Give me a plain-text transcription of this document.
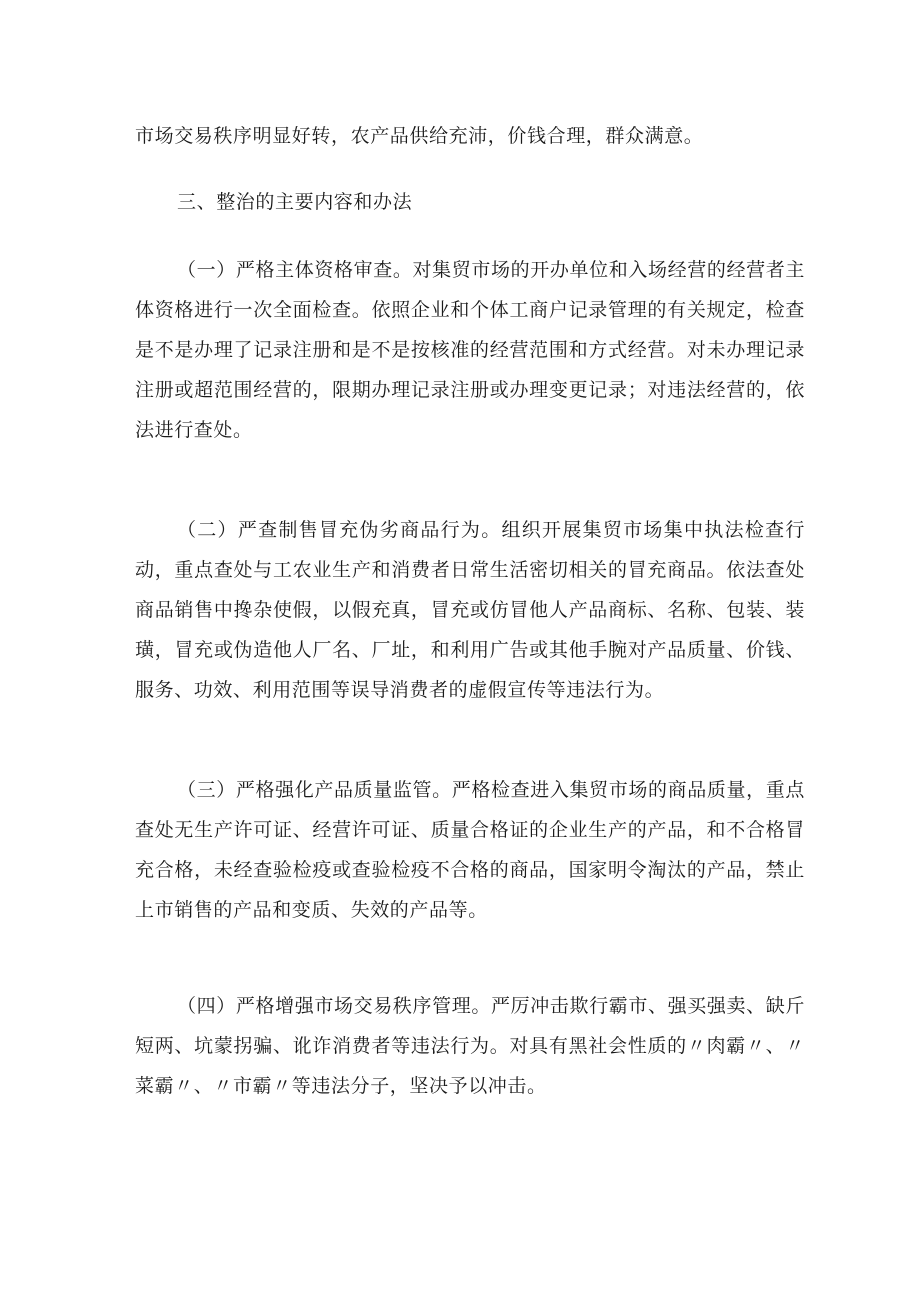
市场交易秩序明显好转，农产品供给充沛，价钱合理，群众满意。

三、整治的主要内容和办法

（一）严格主体资格审查。对集贸市场的开办单位和入场经营的经营者主体资格进行一次全面检查。依照企业和个体工商户记录管理的有关规定，检查是不是办理了记录注册和是不是按核准的经营范围和方式经营。对未办理记录注册或超范围经营的，限期办理记录注册或办理变更记录；对违法经营的，依法进行查处。

（二）严查制售冒充伪劣商品行为。组织开展集贸市场集中执法检查行动，重点查处与工农业生产和消费者日常生活密切相关的冒充商品。依法查处商品销售中搀杂使假，以假充真，冒充或仿冒他人产品商标、名称、包装、装璜，冒充或伪造他人厂名、厂址，和利用广告或其他手腕对产品质量、价钱、服务、功效、利用范围等误导消费者的虚假宣传等违法行为。

（三）严格强化产品质量监管。严格检查进入集贸市场的商品质量，重点查处无生产许可证、经营许可证、质量合格证的企业生产的产品，和不合格冒充合格，未经查验检疫或查验检疫不合格的商品，国家明令淘汰的产品，禁止上市销售的产品和变质、失效的产品等。

（四）严格增强市场交易秩序管理。严厉冲击欺行霸市、强买强卖、缺斤短两、坑蒙拐骗、讹诈消费者等违法行为。对具有黑社会性质的〃肉霸〃、〃菜霸〃、〃市霸〃等违法分子，坚决予以冲击。
